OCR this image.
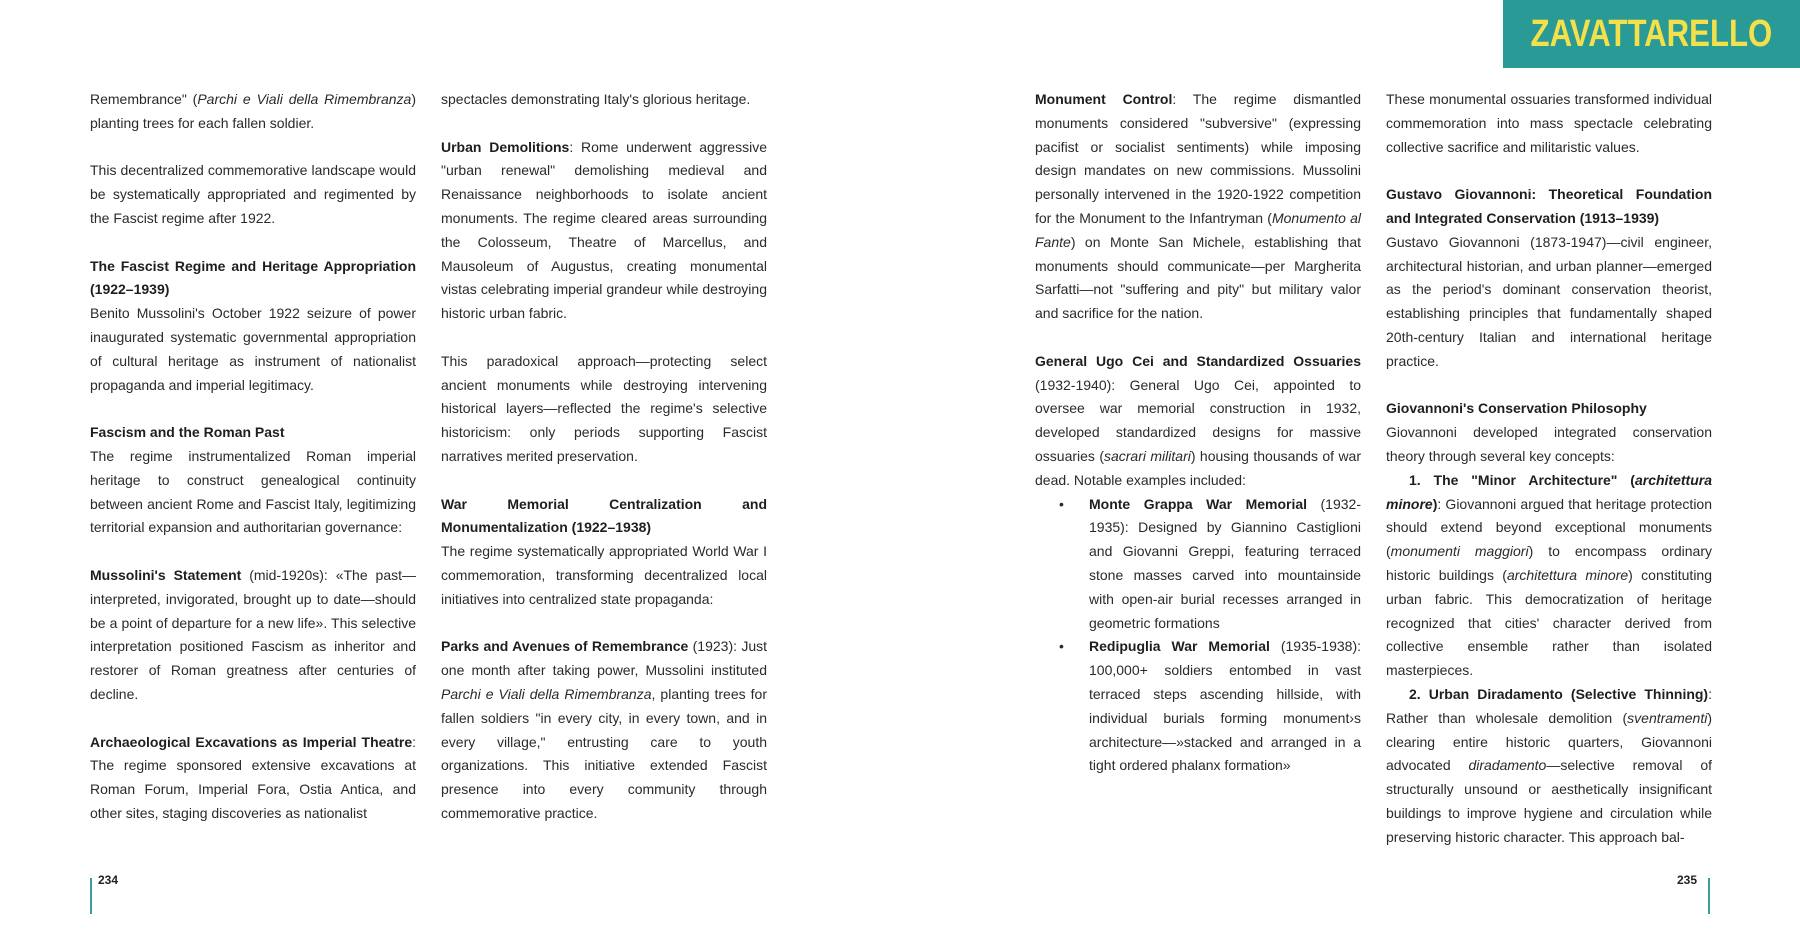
ZAVATTARELLO

Remembrance" (Parchi e Viali della Rimembranza) planting trees for each fallen soldier.

This decentralized commemorative landscape would be systematically appropriated and regimented by the Fascist regime after 1922.

The Fascist Regime and Heritage Appropriation (1922–1939)
Benito Mussolini's October 1922 seizure of power inaugurated systematic governmental appropriation of cultural heritage as instrument of nationalist propaganda and imperial legitimacy.

Fascism and the Roman Past
The regime instrumentalized Roman imperial heritage to construct genealogical continuity between ancient Rome and Fascist Italy, legitimizing territorial expansion and authoritarian governance:

Mussolini's Statement (mid-1920s): «The past—interpreted, invigorated, brought up to date—should be a point of departure for a new life». This selective interpretation positioned Fascism as inheritor and restorer of Roman greatness after centuries of decline.

Archaeological Excavations as Imperial Theatre: The regime sponsored extensive excavations at Roman Forum, Imperial Fora, Ostia Antica, and other sites, staging discoveries as nationalist

spectacles demonstrating Italy's glorious heritage.

Urban Demolitions: Rome underwent aggressive "urban renewal" demolishing medieval and Renaissance neighborhoods to isolate ancient monuments. The regime cleared areas surrounding the Colosseum, Theatre of Marcellus, and Mausoleum of Augustus, creating monumental vistas celebrating imperial grandeur while destroying historic urban fabric.

This paradoxical approach—protecting select ancient monuments while destroying intervening historical layers—reflected the regime's selective historicism: only periods supporting Fascist narratives merited preservation.

War Memorial Centralization and Monumentalization (1922–1938)
The regime systematically appropriated World War I commemoration, transforming decentralized local initiatives into centralized state propaganda:

Parks and Avenues of Remembrance (1923): Just one month after taking power, Mussolini instituted Parchi e Viali della Rimembranza, planting trees for fallen soldiers "in every city, in every town, and in every village," entrusting care to youth organizations. This initiative extended Fascist presence into every community through commemorative practice.

Monument Control: The regime dismantled monuments considered "subversive" (expressing pacifist or socialist sentiments) while imposing design mandates on new commissions. Mussolini personally intervened in the 1920-1922 competition for the Monument to the Infantryman (Monumento al Fante) on Monte San Michele, establishing that monuments should communicate—per Margherita Sarfatti—not "suffering and pity" but military valor and sacrifice for the nation.

General Ugo Cei and Standardized Ossuaries (1932-1940): General Ugo Cei, appointed to oversee war memorial construction in 1932, developed standardized designs for massive ossuaries (sacrari militari) housing thousands of war dead. Notable examples included:

• Monte Grappa War Memorial (1932-1935): Designed by Giannino Castiglioni and Giovanni Greppi, featuring terraced stone masses carved into mountainside with open-air burial recesses arranged in geometric formations
• Redipuglia War Memorial (1935-1938): 100,000+ soldiers entombed in vast terraced steps ascending hillside, with individual burials forming monument›s architecture—»stacked and arranged in a tight ordered phalanx formation»

These monumental ossuaries transformed individual commemoration into mass spectacle celebrating collective sacrifice and militaristic values.

Gustavo Giovannoni: Theoretical Foundation and Integrated Conservation (1913–1939)
Gustavo Giovannoni (1873-1947)—civil engineer, architectural historian, and urban planner—emerged as the period's dominant conservation theorist, establishing principles that fundamentally shaped 20th-century Italian and international heritage practice.

Giovannoni's Conservation Philosophy
Giovannoni developed integrated conservation theory through several key concepts:

1. The "Minor Architecture" (architettura minore): Giovannoni argued that heritage protection should extend beyond exceptional monuments (monumenti maggiori) to encompass ordinary historic buildings (architettura minore) constituting urban fabric. This democratization of heritage recognized that cities' character derived from collective ensemble rather than isolated masterpieces.
2. Urban Diradamento (Selective Thinning): Rather than wholesale demolition (sventramenti) clearing entire historic quarters, Giovannoni advocated diradamento—selective removal of structurally unsound or aesthetically insignificant buildings to improve hygiene and circulation while preserving historic character. This approach bal-
234	235
